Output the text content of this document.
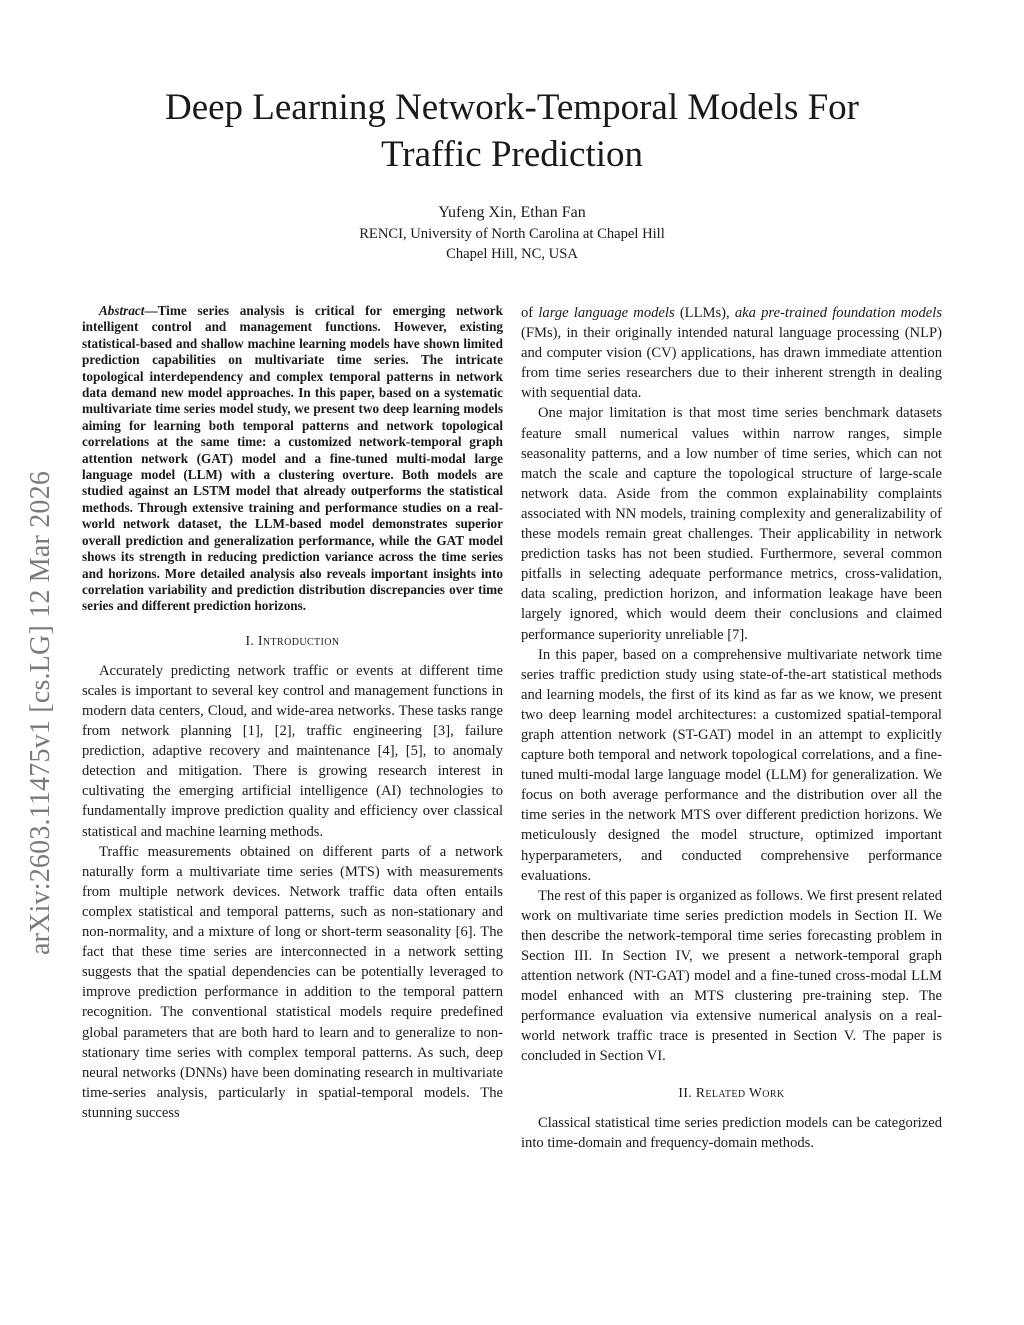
Deep Learning Network-Temporal Models For
Traffic Prediction
Yufeng Xin, Ethan Fan
RENCI, University of North Carolina at Chapel Hill
Chapel Hill, NC, USA
arXiv:2603.11475v1 [cs.LG] 12 Mar 2026

Abstract—Time series analysis is critical for emerging network intelligent control and management functions. However, existing statistical-based and shallow machine learning models have shown limited prediction capabilities on multivariate time series. The intricate topological interdependency and complex temporal patterns in network data demand new model approaches. In this paper, based on a systematic multivariate time series model study, we present two deep learning models aiming for learning both temporal patterns and network topological correlations at the same time: a customized network-temporal graph attention network (GAT) model and a fine-tuned multi-modal large language model (LLM) with a clustering overture. Both models are studied against an LSTM model that already outperforms the statistical methods. Through extensive training and performance studies on a real-world network dataset, the LLM-based model demonstrates superior overall prediction and generalization performance, while the GAT model shows its strength in reducing prediction variance across the time series and horizons. More detailed analysis also reveals important insights into correlation variability and prediction distribution discrepancies over time series and different prediction horizons.

I. Introduction

Accurately predicting network traffic or events at different time scales is important to several key control and management functions in modern data centers, Cloud, and wide-area networks. These tasks range from network planning [1], [2], traffic engineering [3], failure prediction, adaptive recovery and maintenance [4], [5], to anomaly detection and mitigation. There is growing research interest in cultivating the emerging artificial intelligence (AI) technologies to fundamentally improve prediction quality and efficiency over classical statistical and machine learning methods.

Traffic measurements obtained on different parts of a network naturally form a multivariate time series (MTS) with measurements from multiple network devices. Network traffic data often entails complex statistical and temporal patterns, such as non-stationary and non-normality, and a mixture of long or short-term seasonality [6]. The fact that these time series are interconnected in a network setting suggests that the spatial dependencies can be potentially leveraged to improve prediction performance in addition to the temporal pattern recognition. The conventional statistical models require predefined global parameters that are both hard to learn and to generalize to non-stationary time series with complex temporal patterns. As such, deep neural networks (DNNs) have been dominating research in multivariate time-series analysis, particularly in spatial-temporal models. The stunning success

of large language models (LLMs), aka pre-trained foundation models (FMs), in their originally intended natural language processing (NLP) and computer vision (CV) applications, has drawn immediate attention from time series researchers due to their inherent strength in dealing with sequential data.

One major limitation is that most time series benchmark datasets feature small numerical values within narrow ranges, simple seasonality patterns, and a low number of time series, which can not match the scale and capture the topological structure of large-scale network data. Aside from the common explainability complaints associated with NN models, training complexity and generalizability of these models remain great challenges. Their applicability in network prediction tasks has not been studied. Furthermore, several common pitfalls in selecting adequate performance metrics, cross-validation, data scaling, prediction horizon, and information leakage have been largely ignored, which would deem their conclusions and claimed performance superiority unreliable [7].

In this paper, based on a comprehensive multivariate network time series traffic prediction study using state-of-the-art statistical methods and learning models, the first of its kind as far as we know, we present two deep learning model architectures: a customized spatial-temporal graph attention network (ST-GAT) model in an attempt to explicitly capture both temporal and network topological correlations, and a fine-tuned multi-modal large language model (LLM) for generalization. We focus on both average performance and the distribution over all the time series in the network MTS over different prediction horizons. We meticulously designed the model structure, optimized important hyperparameters, and conducted comprehensive performance evaluations.

The rest of this paper is organized as follows. We first present related work on multivariate time series prediction models in Section II. We then describe the network-temporal time series forecasting problem in Section III. In Section IV, we present a network-temporal graph attention network (NT-GAT) model and a fine-tuned cross-modal LLM model enhanced with an MTS clustering pre-training step. The performance evaluation via extensive numerical analysis on a real-world network traffic trace is presented in Section V. The paper is concluded in Section VI.

II. Related Work

Classical statistical time series prediction models can be categorized into time-domain and frequency-domain methods.
